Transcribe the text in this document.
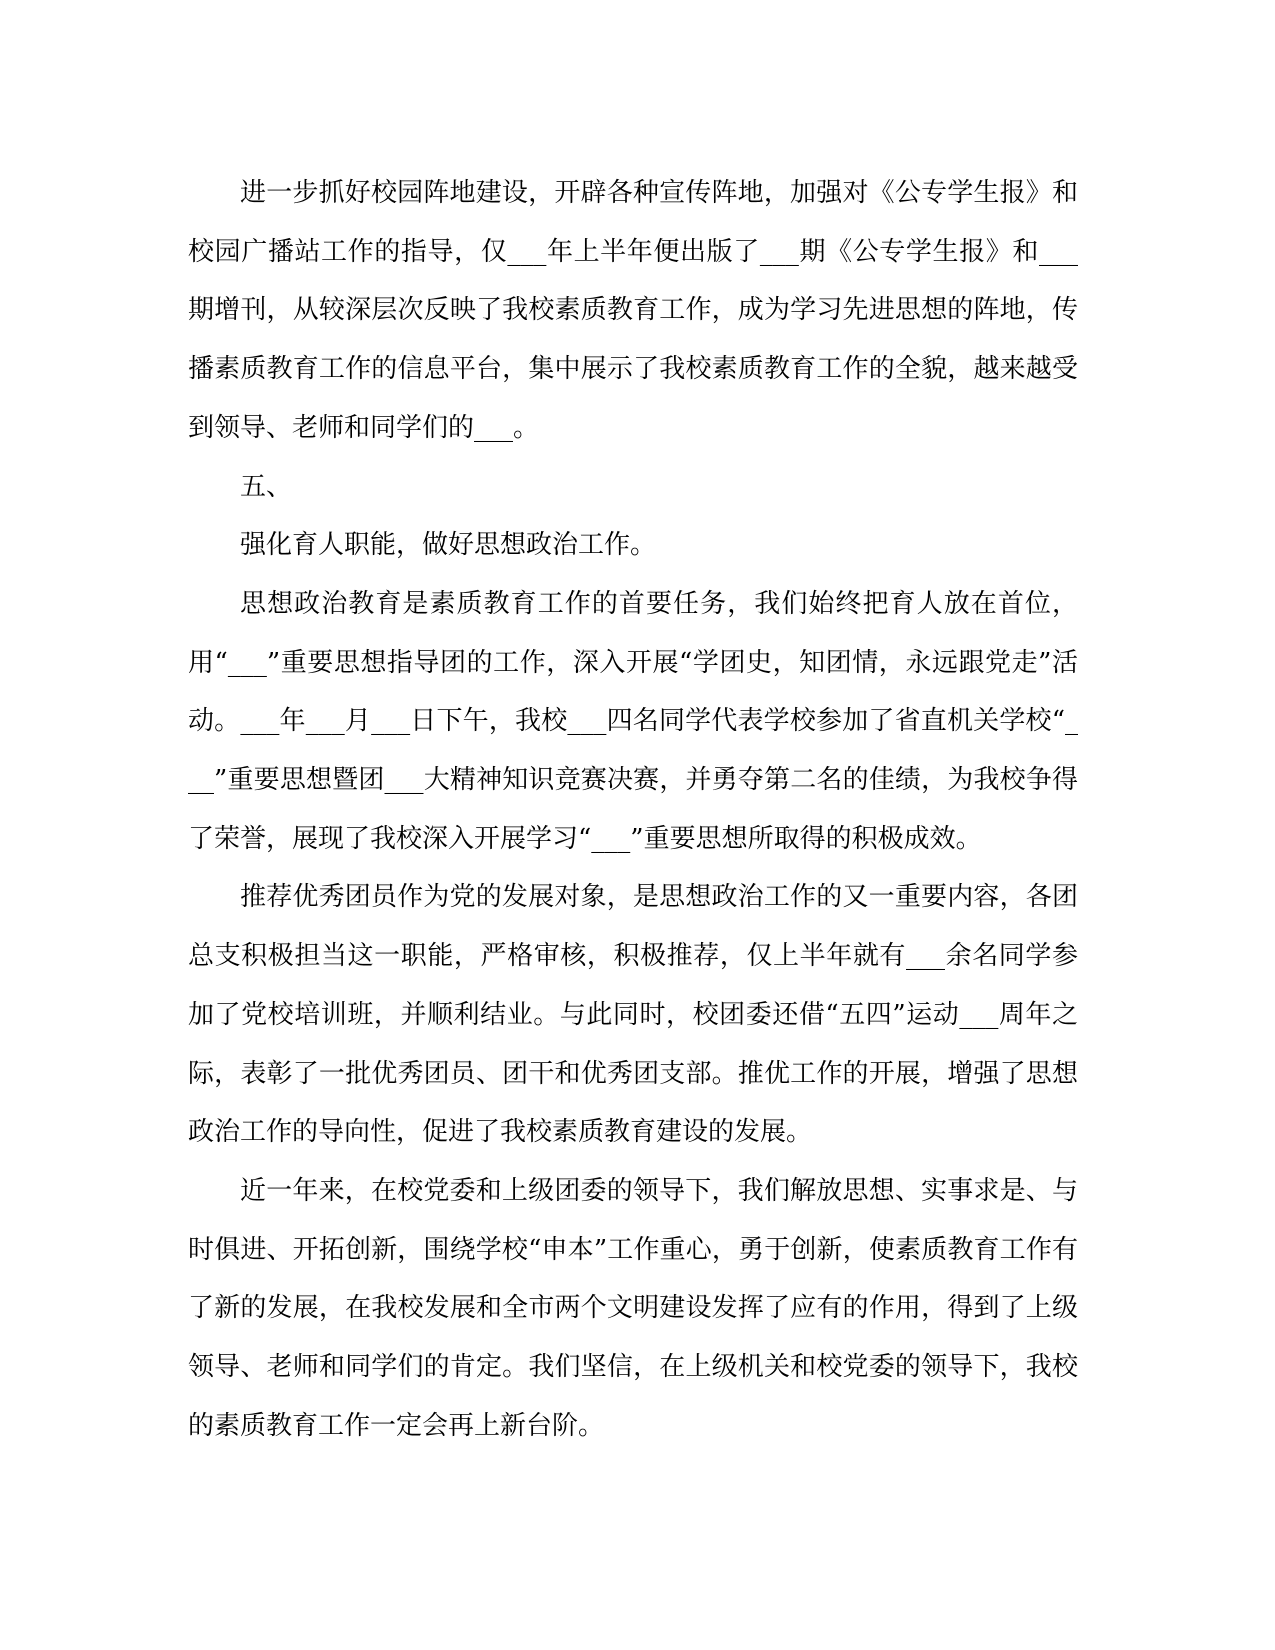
进一步抓好校园阵地建设，开辟各种宣传阵地，加强对《公专学生报》和校园广播站工作的指导，仅___年上半年便出版了___期《公专学生报》和___期增刊，从较深层次反映了我校素质教育工作，成为学习先进思想的阵地，传播素质教育工作的信息平台，集中展示了我校素质教育工作的全貌，越来越受到领导、老师和同学们的___。

五、

强化育人职能，做好思想政治工作。

思想政治教育是素质教育工作的首要任务，我们始终把育人放在首位，用“___”重要思想指导团的工作，深入开展“学团史，知团情，永远跟党走”活动。___年___月___日下午，我校___四名同学代表学校参加了省直机关学校“___”重要思想暨团___大精神知识竞赛决赛，并勇夺第二名的佳绩，为我校争得了荣誉，展现了我校深入开展学习“___”重要思想所取得的积极成效。

推荐优秀团员作为党的发展对象，是思想政治工作的又一重要内容，各团总支积极担当这一职能，严格审核，积极推荐，仅上半年就有___余名同学参加了党校培训班，并顺利结业。与此同时，校团委还借“五四”运动___周年之际，表彰了一批优秀团员、团干和优秀团支部。推优工作的开展，增强了思想政治工作的导向性，促进了我校素质教育建设的发展。

近一年来，在校党委和上级团委的领导下，我们解放思想、实事求是、与时俱进、开拓创新，围绕学校“申本”工作重心，勇于创新，使素质教育工作有了新的发展，在我校发展和全市两个文明建设发挥了应有的作用，得到了上级领导、老师和同学们的肯定。我们坚信，在上级机关和校党委的领导下，我校的素质教育工作一定会再上新台阶。
